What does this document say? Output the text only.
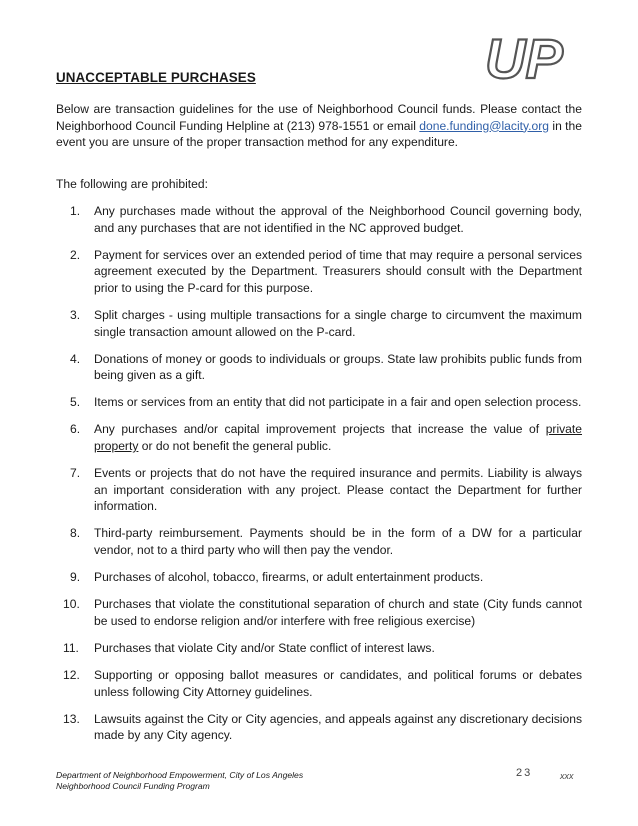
UP
UNACCEPTABLE PURCHASES
Below are transaction guidelines for the use of Neighborhood Council funds. Please contact the Neighborhood Council Funding Helpline at (213) 978-1551 or email done.funding@lacity.org in the event you are unsure of the proper transaction method for any expenditure.
The following are prohibited:
1. Any purchases made without the approval of the Neighborhood Council governing body, and any purchases that are not identified in the NC approved budget.
2. Payment for services over an extended period of time that may require a personal services agreement executed by the Department. Treasurers should consult with the Department prior to using the P-card for this purpose.
3. Split charges - using multiple transactions for a single charge to circumvent the maximum single transaction amount allowed on the P-card.
4. Donations of money or goods to individuals or groups. State law prohibits public funds from being given as a gift.
5. Items or services from an entity that did not participate in a fair and open selection process.
6. Any purchases and/or capital improvement projects that increase the value of private property or do not benefit the general public.
7. Events or projects that do not have the required insurance and permits. Liability is always an important consideration with any project. Please contact the Department for further information.
8. Third-party reimbursement. Payments should be in the form of a DW for a particular vendor, not to a third party who will then pay the vendor.
9. Purchases of alcohol, tobacco, firearms, or adult entertainment products.
10. Purchases that violate the constitutional separation of church and state (City funds cannot be used to endorse religion and/or interfere with free religious exercise)
11. Purchases that violate City and/or State conflict of interest laws.
12. Supporting or opposing ballot measures or candidates, and political forums or debates unless following City Attorney guidelines.
13. Lawsuits against the City or City agencies, and appeals against any discretionary decisions made by any City agency.
Department of Neighborhood Empowerment, City of Los Angeles
Neighborhood Council Funding Program
23	xxx
